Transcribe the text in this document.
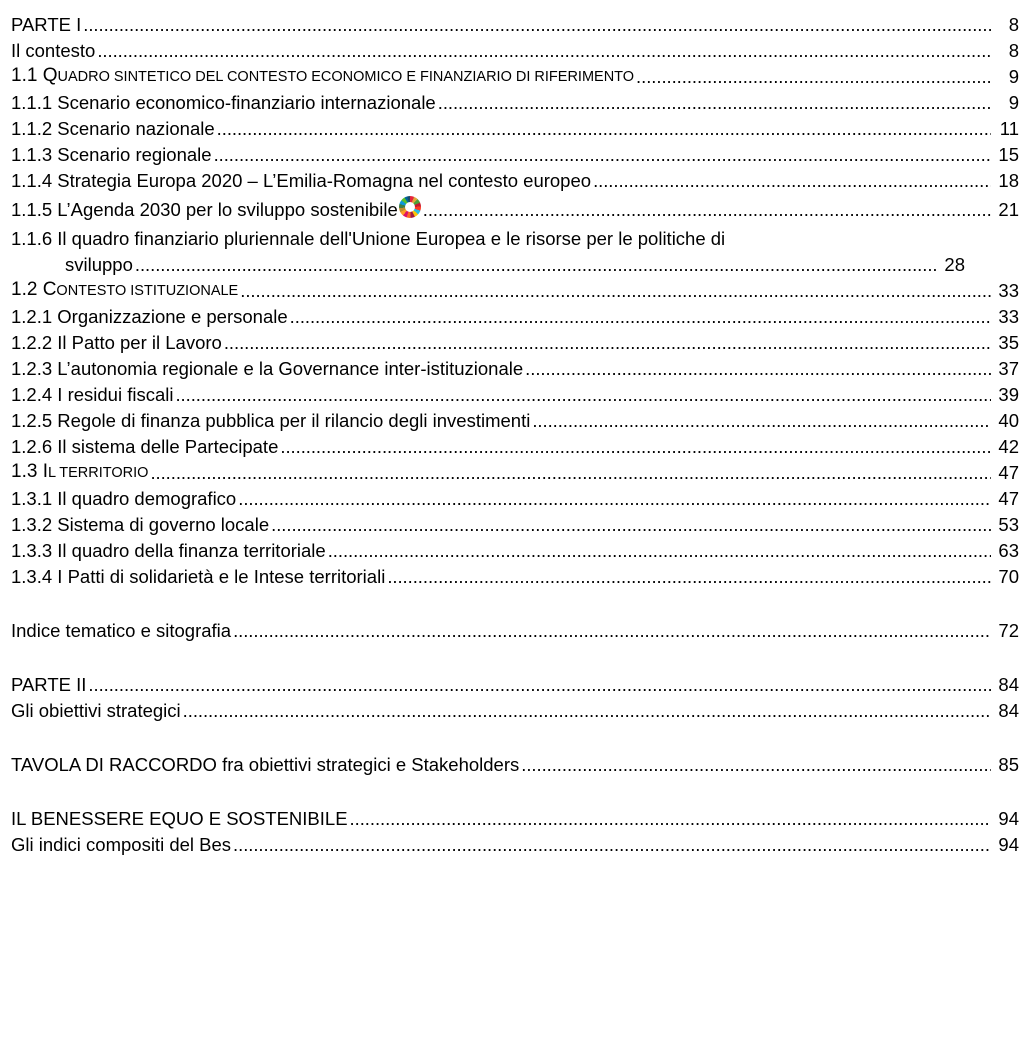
PARTE I . . .	8
Il contesto . . .	8
1.1 QUADRO SINTETICO DEL CONTESTO ECONOMICO E FINANZIARIO DI RIFERIMENTO . . .	9
1.1.1 Scenario economico-finanziario internazionale . . .	9
1.1.2 Scenario nazionale . . .	11
1.1.3 Scenario regionale . . .	15
1.1.4 Strategia Europa 2020 – L’Emilia-Romagna nel contesto europeo . . .	18
1.1.5 L’Agenda 2030 per lo sviluppo sostenibile . . .	21
1.1.6 Il quadro finanziario pluriennale dell'Unione Europea e le risorse per le politiche di
sviluppo . . .	28
1.2 CONTESTO ISTITUZIONALE . . .	33
1.2.1 Organizzazione e personale . . .	33
1.2.2 Il Patto per il Lavoro . . .	35
1.2.3 L’autonomia regionale e la Governance inter-istituzionale . . .	37
1.2.4 I residui fiscali . . .	39
1.2.5 Regole di finanza pubblica per il rilancio degli investimenti . . .	40
1.2.6 Il sistema delle Partecipate . . .	42
1.3 IL TERRITORIO . . .	47
1.3.1 Il quadro demografico . . .	47
1.3.2 Sistema di governo locale . . .	53
1.3.3 Il quadro della finanza territoriale . . .	63
1.3.4 I Patti di solidarietà e le Intese territoriali . . .	70
Indice tematico e sitografia . . .	72
PARTE II . . .	84
Gli obiettivi strategici . . .	84
TAVOLA DI RACCORDO fra obiettivi strategici e Stakeholders . . .	85
IL BENESSERE EQUO E SOSTENIBILE . . .	94
Gli indici compositi del Bes . . .	94
